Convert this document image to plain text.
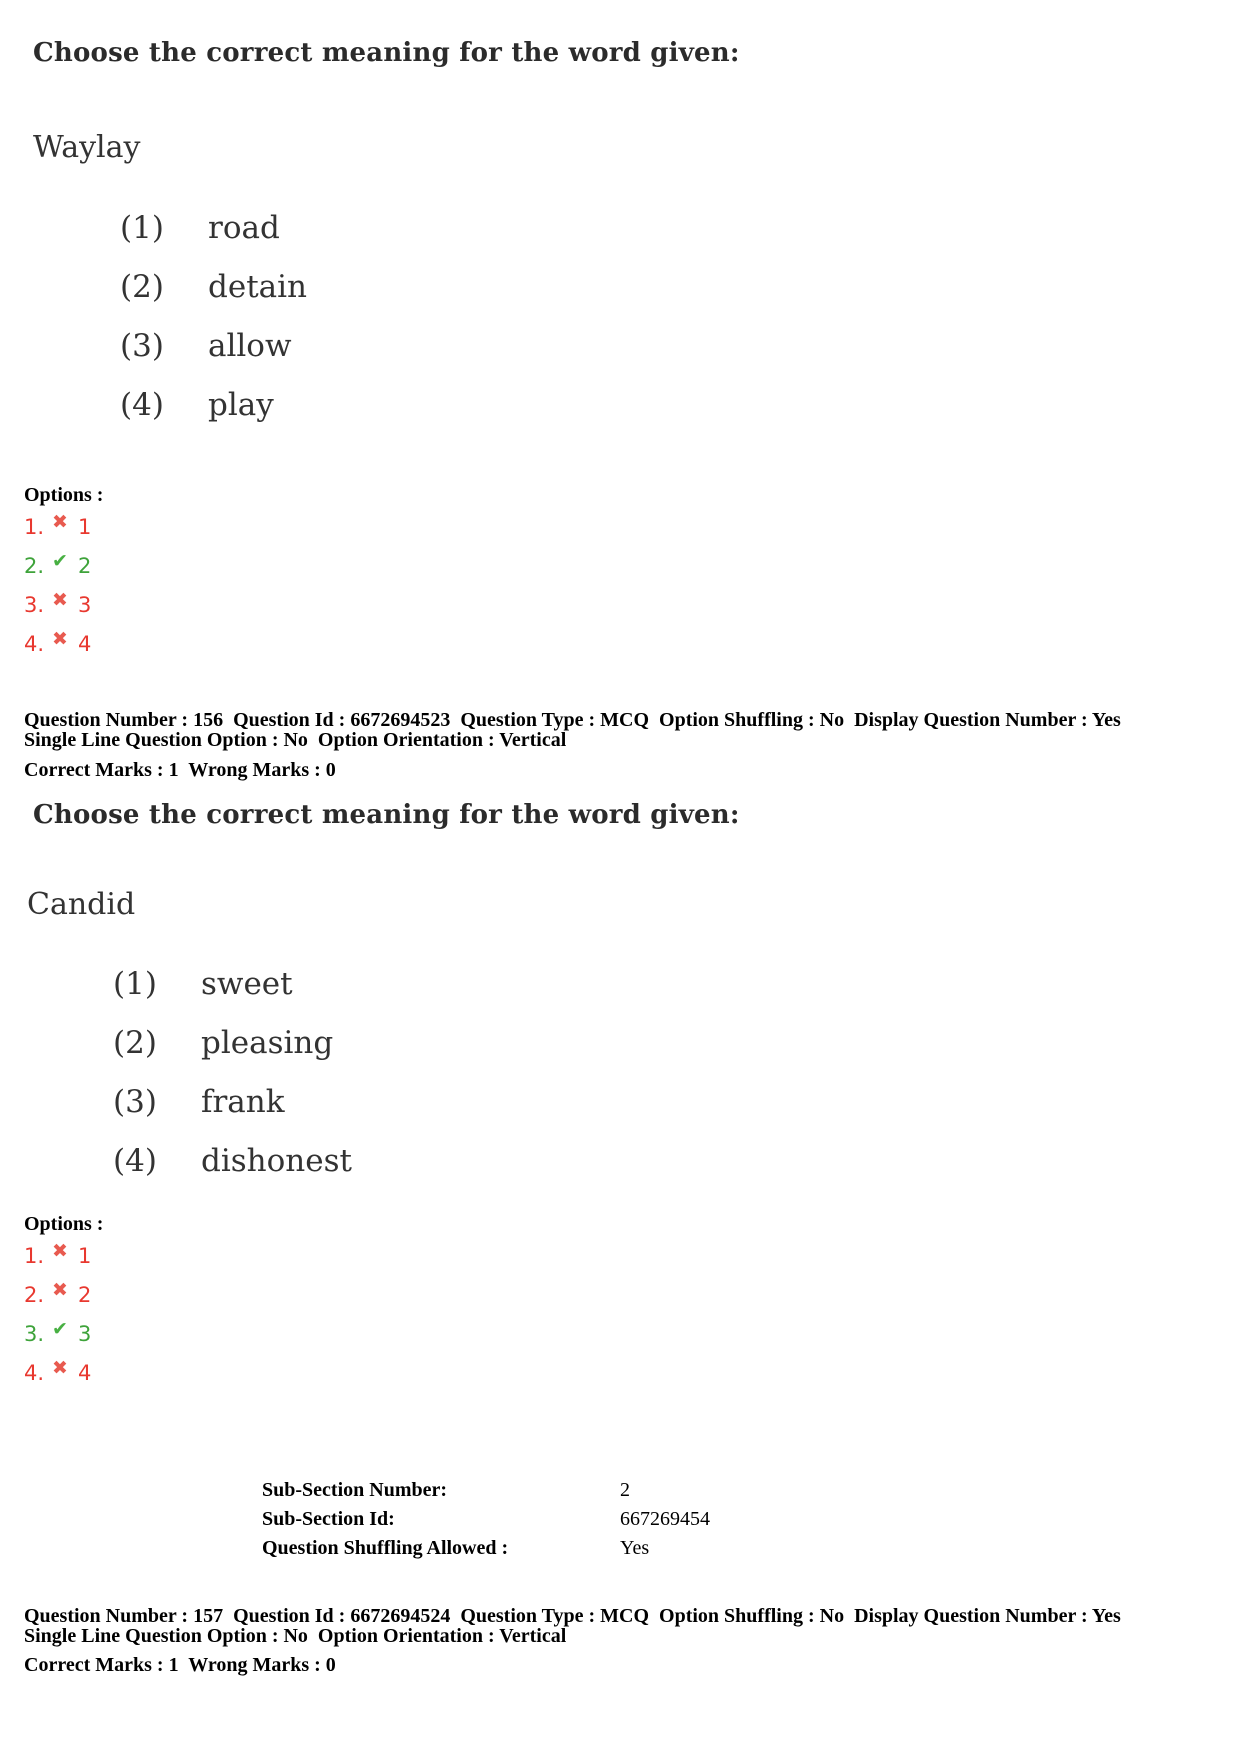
Choose the correct meaning for the word given:
Waylay
(1) road
(2) detain
(3) allow
(4) play
Options :
1. ✖ 1
2. ✔ 2
3. ✖ 3
4. ✖ 4
Question Number : 156  Question Id : 6672694523  Question Type : MCQ  Option Shuffling : No  Display Question Number : Yes
Single Line Question Option : No  Option Orientation : Vertical
Correct Marks : 1  Wrong Marks : 0
Choose the correct meaning for the word given:
Candid
(1) sweet
(2) pleasing
(3) frank
(4) dishonest
Options :
1. ✖ 1
2. ✖ 2
3. ✔ 3
4. ✖ 4
Sub-Section Number:	2
Sub-Section Id:	667269454
Question Shuffling Allowed :	Yes
Question Number : 157  Question Id : 6672694524  Question Type : MCQ  Option Shuffling : No  Display Question Number : Yes
Single Line Question Option : No  Option Orientation : Vertical
Correct Marks : 1  Wrong Marks : 0
